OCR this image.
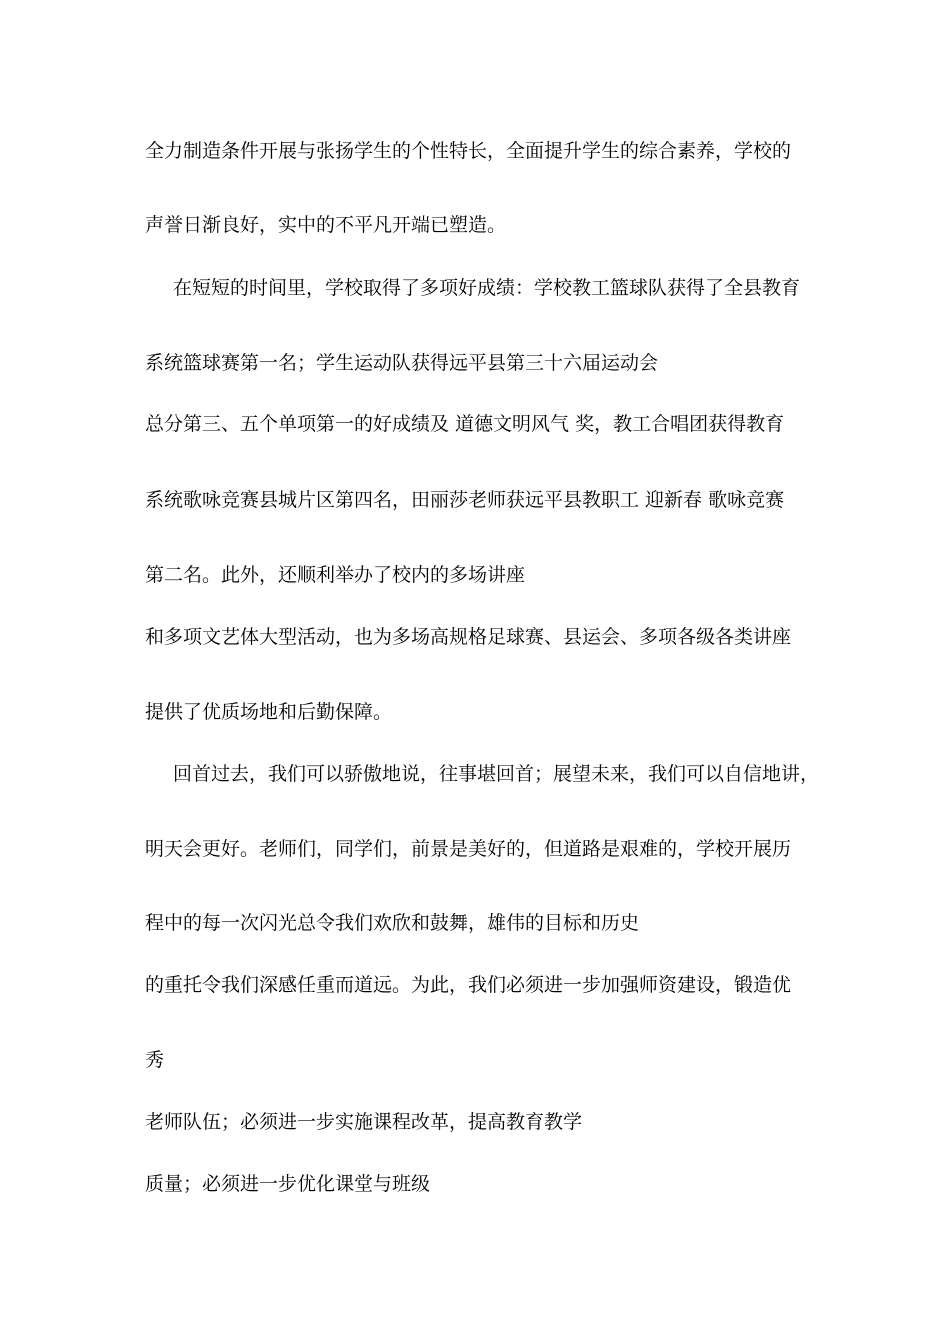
全力制造条件开展与张扬学生的个性特长，全面提升学生的综合素养，学校的
声誉日渐良好，实中的不平凡开端已塑造。
在短短的时间里，学校取得了多项好成绩：学校教工篮球队获得了全县教育
系统篮球赛第一名；学生运动队获得远平县第三十六届运动会
总分第三、五个单项第一的好成绩及 道德文明风气 奖，教工合唱团获得教育
系统歌咏竞赛县城片区第四名，田丽莎老师获远平县教职工 迎新春 歌咏竞赛
第二名。此外，还顺利举办了校内的多场讲座
和多项文艺体大型活动，也为多场高规格足球赛、县运会、多项各级各类讲座
提供了优质场地和后勤保障。
回首过去，我们可以骄傲地说，往事堪回首；展望未来，我们可以自信地讲，
明天会更好。老师们，同学们，前景是美好的，但道路是艰难的，学校开展历
程中的每一次闪光总令我们欢欣和鼓舞，雄伟的目标和历史
的重托令我们深感任重而道远。为此，我们必须进一步加强师资建设，锻造优
秀
老师队伍；必须进一步实施课程改革，提高教育教学
质量；必须进一步优化课堂与班级
